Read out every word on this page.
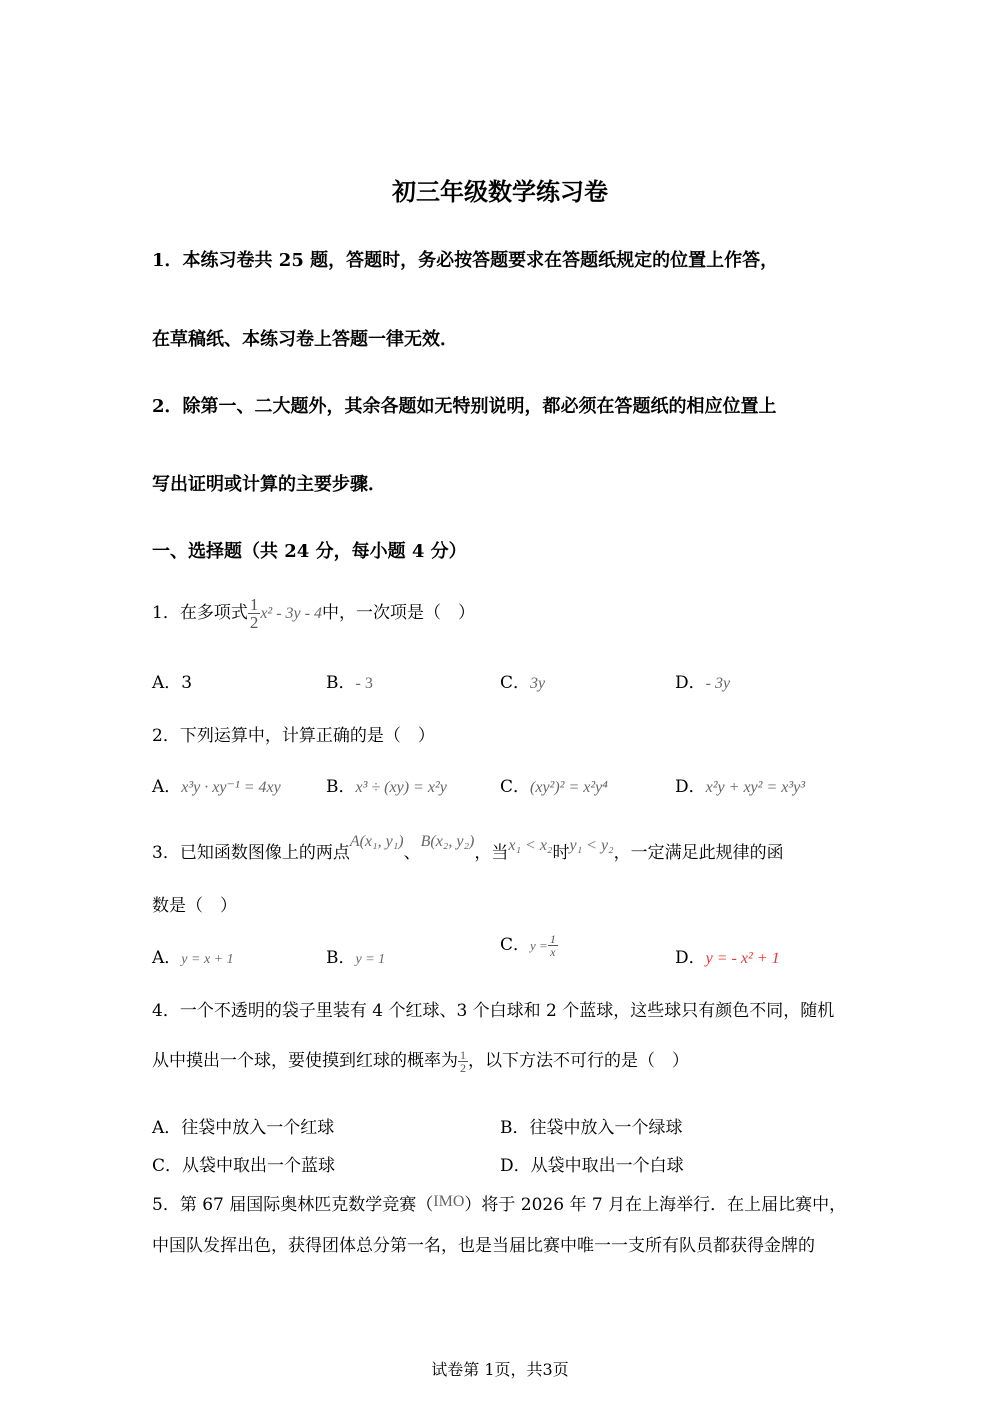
初三年级数学练习卷
1．本练习卷共 25 题，答题时，务必按答题要求在答题纸规定的位置上作答，
在草稿纸、本练习卷上答题一律无效．
2．除第一、二大题外，其余各题如无特别说明，都必须在答题纸的相应位置上
写出证明或计算的主要步骤．
一、选择题（共 24 分，每小题 4 分）
1．在多项式 $\frac{1}{2} x^2 - 3y - 4$中，一次项是（　）
A．3	B．- 3	C．3y	D．- 3y
2．下列运算中，计算正确的是（　）
A．x³y · xy⁻¹ = 4xy	B．x³ ÷ (xy) = x²y	C．(xy²)² = x²y⁴	D．x²y + xy² = x³y³
3．已知函数图像上的两点A(x₁, y₁)、B(x₂, y₂)，当x₁ < x₂时y₁ < y₂，一定满足此规律的函
数是（　）
A．y = x + 1	B．y = 1
C．$y = \frac{1}{x}$	D．y = - x² + 1
4．一个不透明的袋子里装有 4 个红球、3 个白球和 2 个蓝球，这些球只有颜色不同，随机
从中摸出一个球，要使摸到红球的概率为 $\frac{1}{2}$ ，以下方法不可行的是（　）
A．往袋中放入一个红球	B．往袋中放入一个绿球
C．从袋中取出一个蓝球	D．从袋中取出一个白球
5．第 67 届国际奥林匹克数学竞赛（IMO）将于 2026 年 7 月在上海举行．在上届比赛中，
中国队发挥出色，获得团体总分第一名，也是当届比赛中唯一一支所有队员都获得金牌的
试卷第 1页，共3页
